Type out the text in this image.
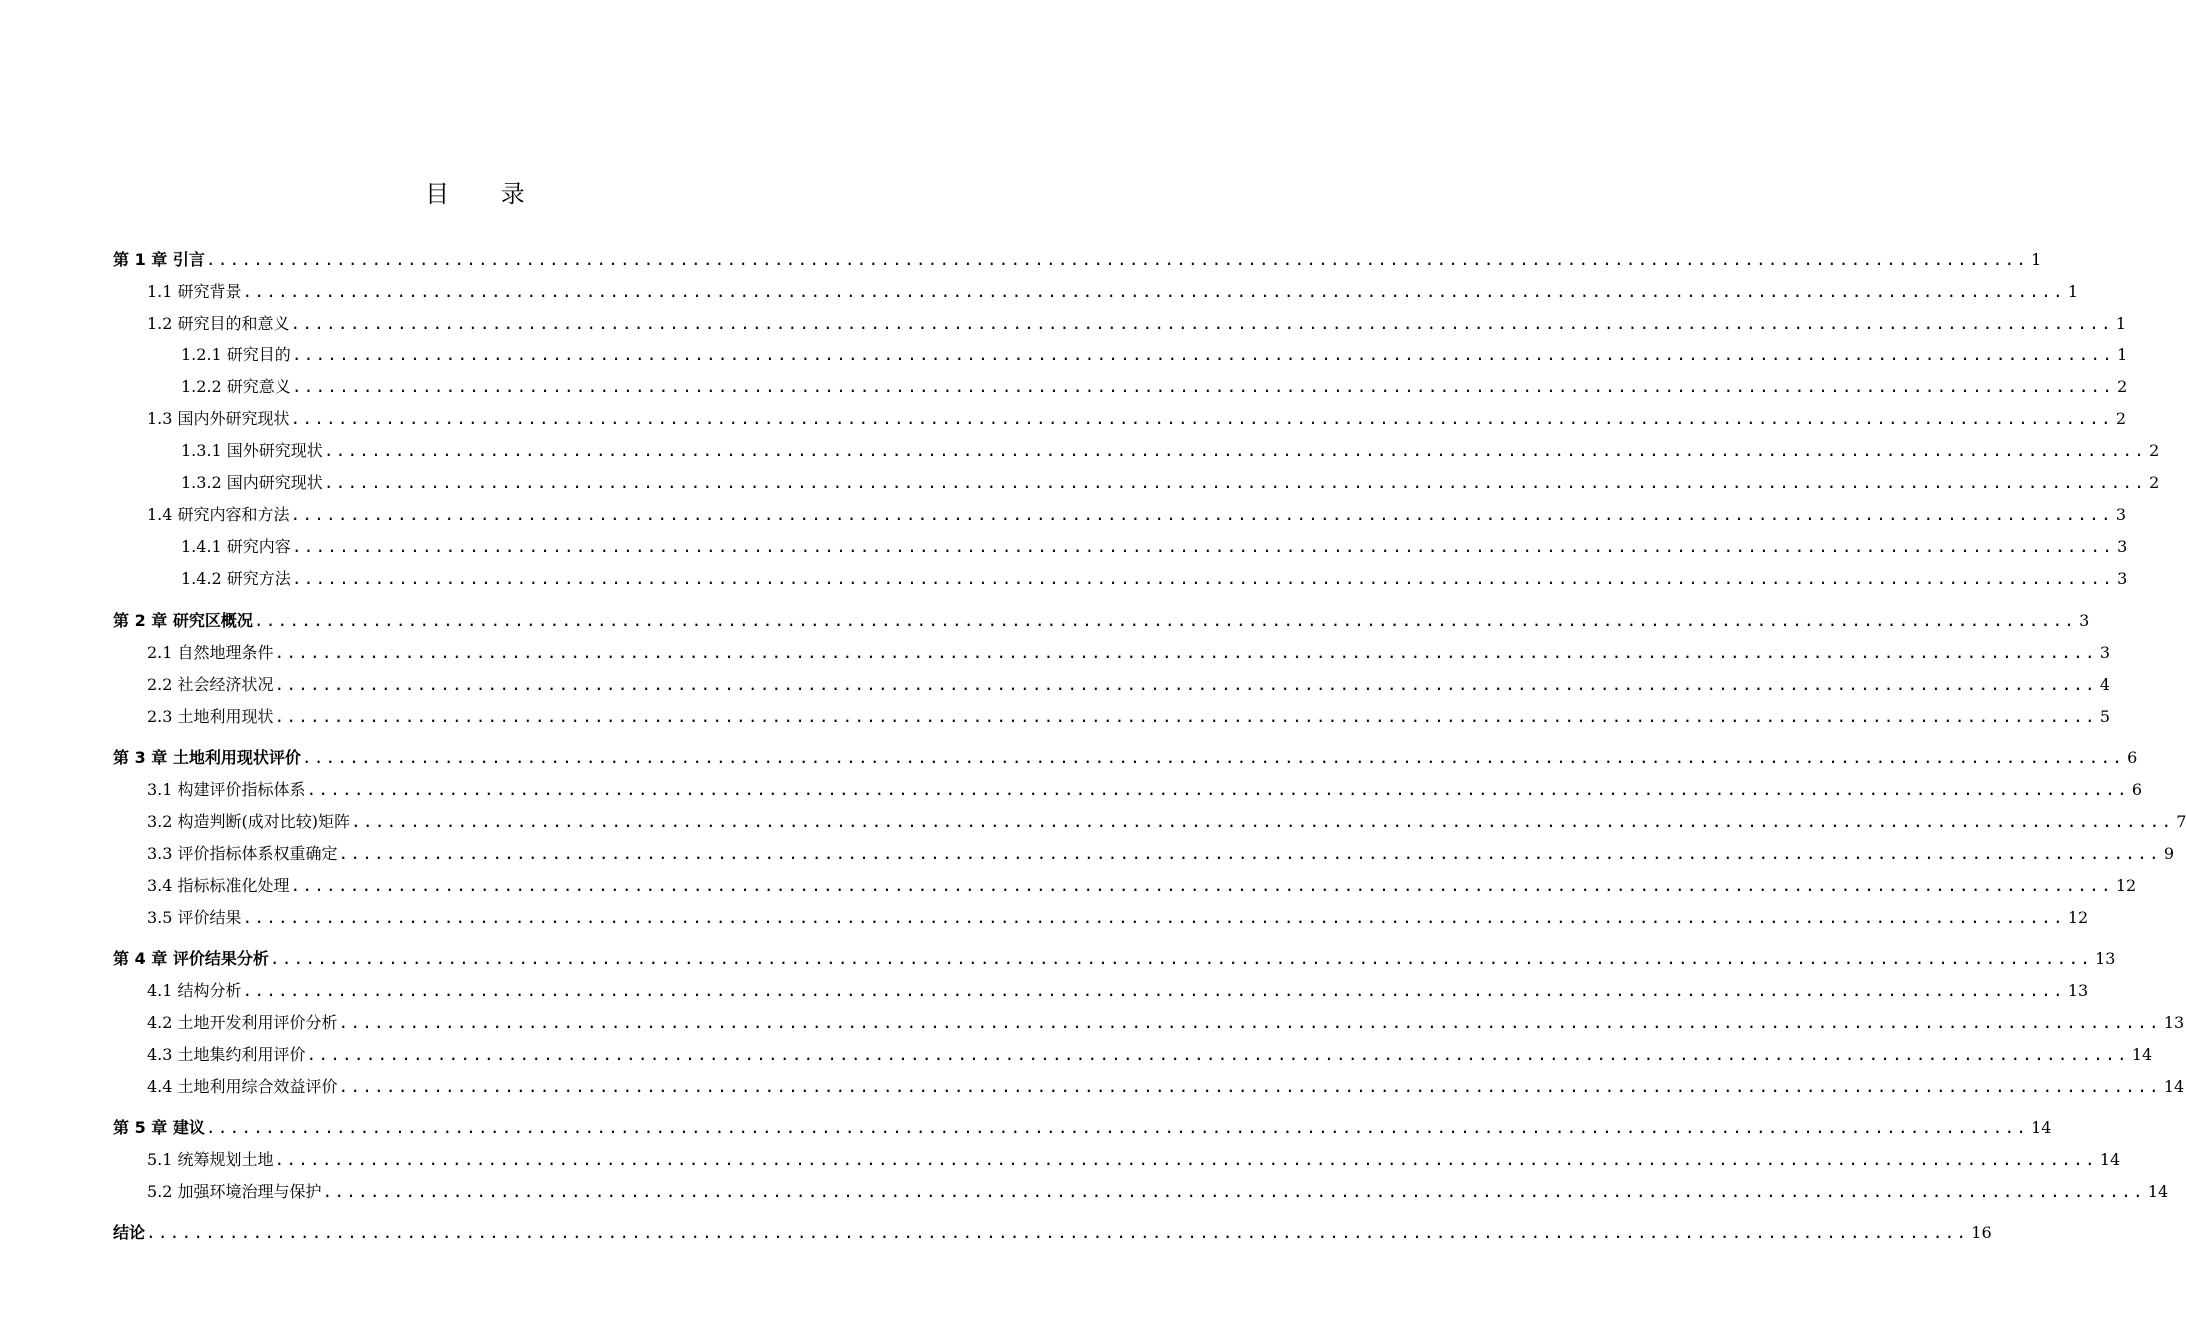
目 录
第 1 章 引言 .......................................................................................................................................................... 1
1.1 研究背景 .......................................................................................................................................................... 1
1.2 研究目的和意义 .......................................................................................................................................................... 1
1.2.1 研究目的 .......................................................................................................................................................... 1
1.2.2 研究意义 .......................................................................................................................................................... 2
1.3 国内外研究现状 .......................................................................................................................................................... 2
1.3.1 国外研究现状 .......................................................................................................................................................... 2
1.3.2 国内研究现状 .......................................................................................................................................................... 2
1.4 研究内容和方法 .......................................................................................................................................................... 3
1.4.1 研究内容 .......................................................................................................................................................... 3
1.4.2 研究方法 .......................................................................................................................................................... 3
第 2 章 研究区概况 .......................................................................................................................................................... 3
2.1 自然地理条件 .......................................................................................................................................................... 3
2.2 社会经济状况 .......................................................................................................................................................... 4
2.3 土地利用现状 .......................................................................................................................................................... 5
第 3 章 土地利用现状评价 .......................................................................................................................................................... 6
3.1 构建评价指标体系 .......................................................................................................................................................... 6
3.2 构造判断(成对比较)矩阵 .......................................................................................................................................................... 7
3.3 评价指标体系权重确定 .......................................................................................................................................................... 9
3.4 指标标准化处理 .......................................................................................................................................................... 12
3.5 评价结果 .......................................................................................................................................................... 12
第 4 章 评价结果分析 .......................................................................................................................................................... 13
4.1 结构分析 .......................................................................................................................................................... 13
4.2 土地开发利用评价分析 .......................................................................................................................................................... 13
4.3 土地集约利用评价 .......................................................................................................................................................... 14
4.4 土地利用综合效益评价 .......................................................................................................................................................... 14
第 5 章 建议 .......................................................................................................................................................... 14
5.1 统筹规划土地 .......................................................................................................................................................... 14
5.2 加强环境治理与保护 .......................................................................................................................................................... 14
结论 .......................................................................................................................................................... 16
